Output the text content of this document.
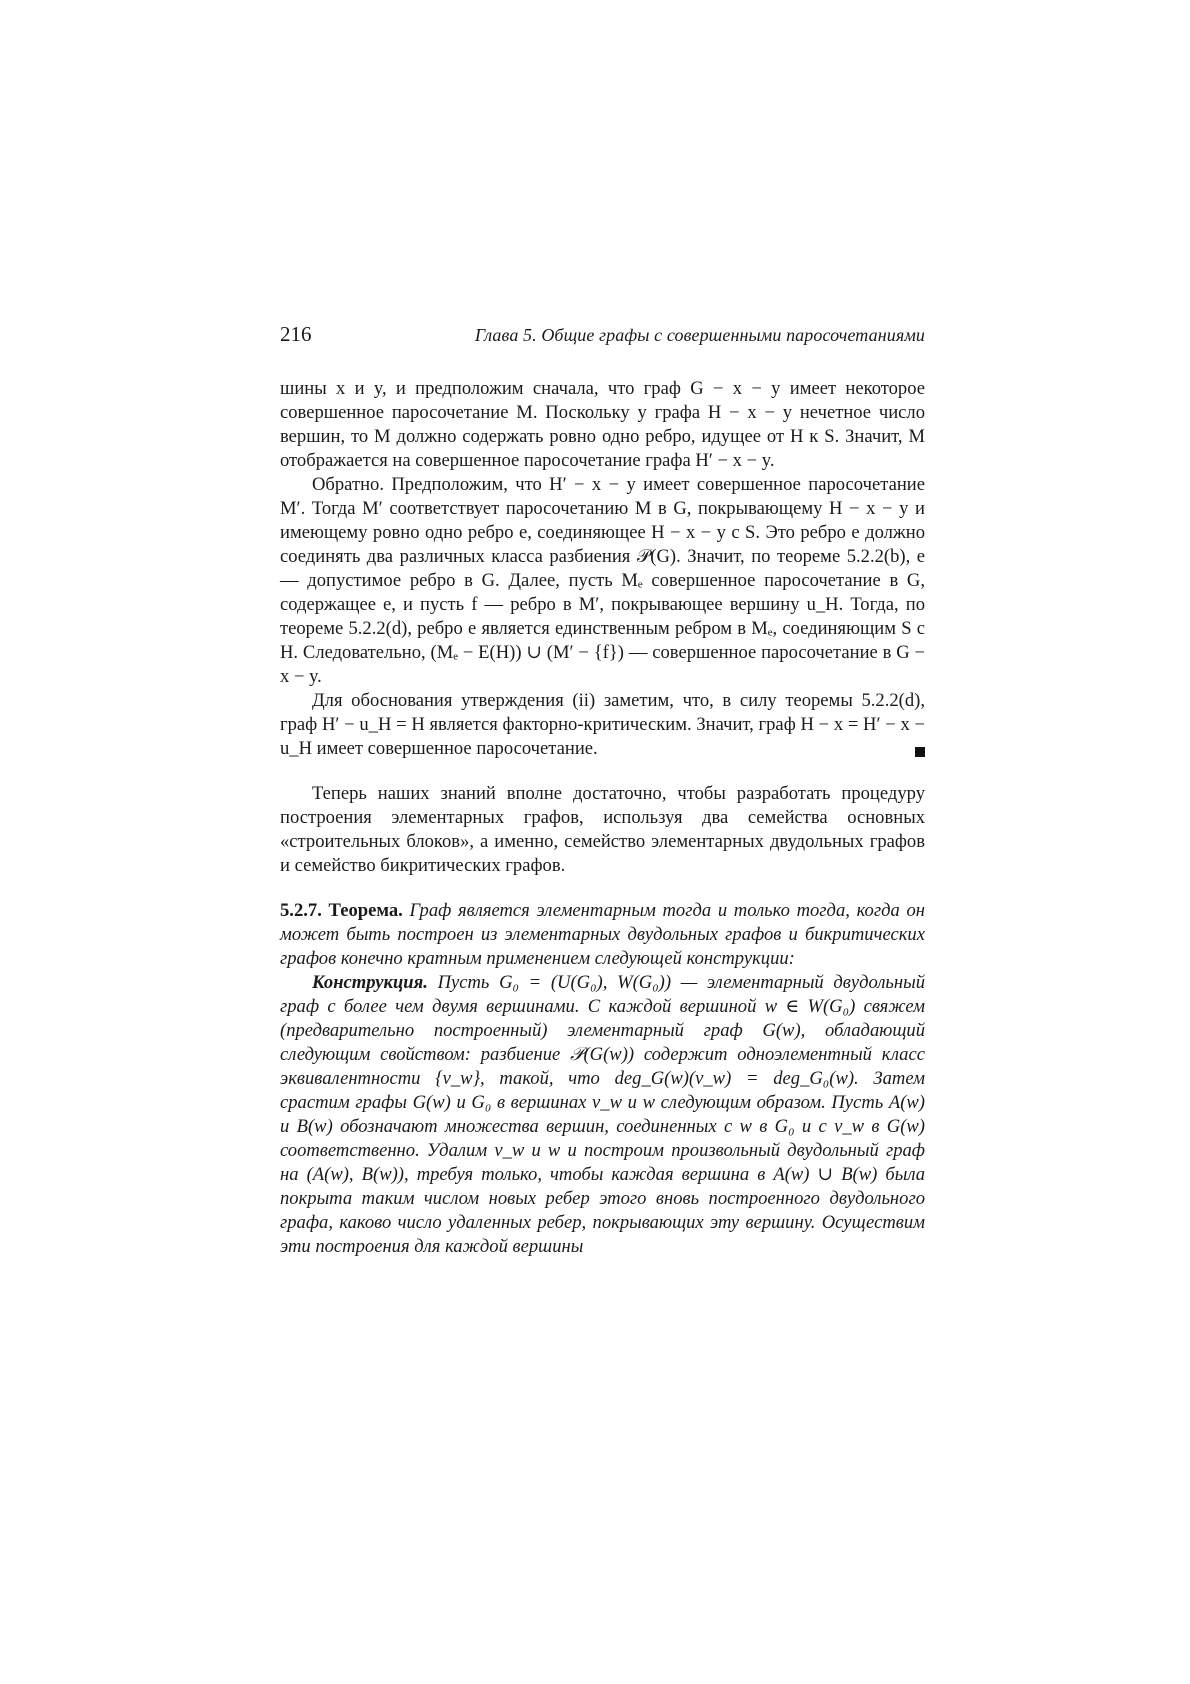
216	Глава 5. Общие графы с совершенными паросочетаниями

шины x и y, и предположим сначала, что граф G − x − y имеет некоторое совершенное паросочетание M. Поскольку у графа H − x − y нечетное число вершин, то M должно содержать ровно одно ребро, идущее от H к S. Значит, M отображается на совершенное паросочетание графа H′ − x − y.

Обратно. Предположим, что H′ − x − y имеет совершенное паросочетание M′. Тогда M′ соответствует паросочетанию M в G, покрывающему H − x − y и имеющему ровно одно ребро e, соединяющее H − x − y с S. Это ребро e должно соединять два различных класса разбиения 𝒫(G). Значит, по теореме 5.2.2(b), e — допустимое ребро в G. Далее, пусть Mₑ совершенное паросочетание в G, содержащее e, и пусть f — ребро в M′, покрывающее вершину u_H. Тогда, по теореме 5.2.2(d), ребро e является единственным ребром в Mₑ, соединяющим S с H. Следовательно, (Mₑ − E(H)) ∪ (M′ − {f}) — совершенное паросочетание в G − x − y.

Для обоснования утверждения (ii) заметим, что, в силу теоремы 5.2.2(d), граф H′ − u_H = H является факторно-критическим. Значит, граф H − x = H′ − x − u_H имеет совершенное паросочетание.

Теперь наших знаний вполне достаточно, чтобы разработать процедуру построения элементарных графов, используя два семейства основных «строительных блоков», а именно, семейство элементарных двудольных графов и семейство бикритических графов.

5.2.7. Теорема. Граф является элементарным тогда и только тогда, когда он может быть построен из элементарных двудольных графов и бикритических графов конечно кратным применением следующей конструкции:

Конструкция. Пусть G₀ = (U(G₀), W(G₀)) — элементарный двудольный граф с более чем двумя вершинами. С каждой вершиной w ∈ W(G₀) свяжем (предварительно построенный) элементарный граф G(w), обладающий следующим свойством: разбиение 𝒫(G(w)) содержит одноэлементный класс эквивалентности {v_w}, такой, что deg_G(w)(v_w) = deg_G₀(w). Затем срастим графы G(w) и G₀ в вершинах v_w и w следующим образом. Пусть A(w) и B(w) обозначают множества вершин, соединенных с w в G₀ и с v_w в G(w) соответственно. Удалим v_w и w и построим произвольный двудольный граф на (A(w), B(w)), требуя только, чтобы каждая вершина в A(w) ∪ B(w) была покрыта таким числом новых ребер этого вновь построенного двудольного графа, каково число удаленных ребер, покрывающих эту вершину. Осуществим эти построения для каждой вершины
